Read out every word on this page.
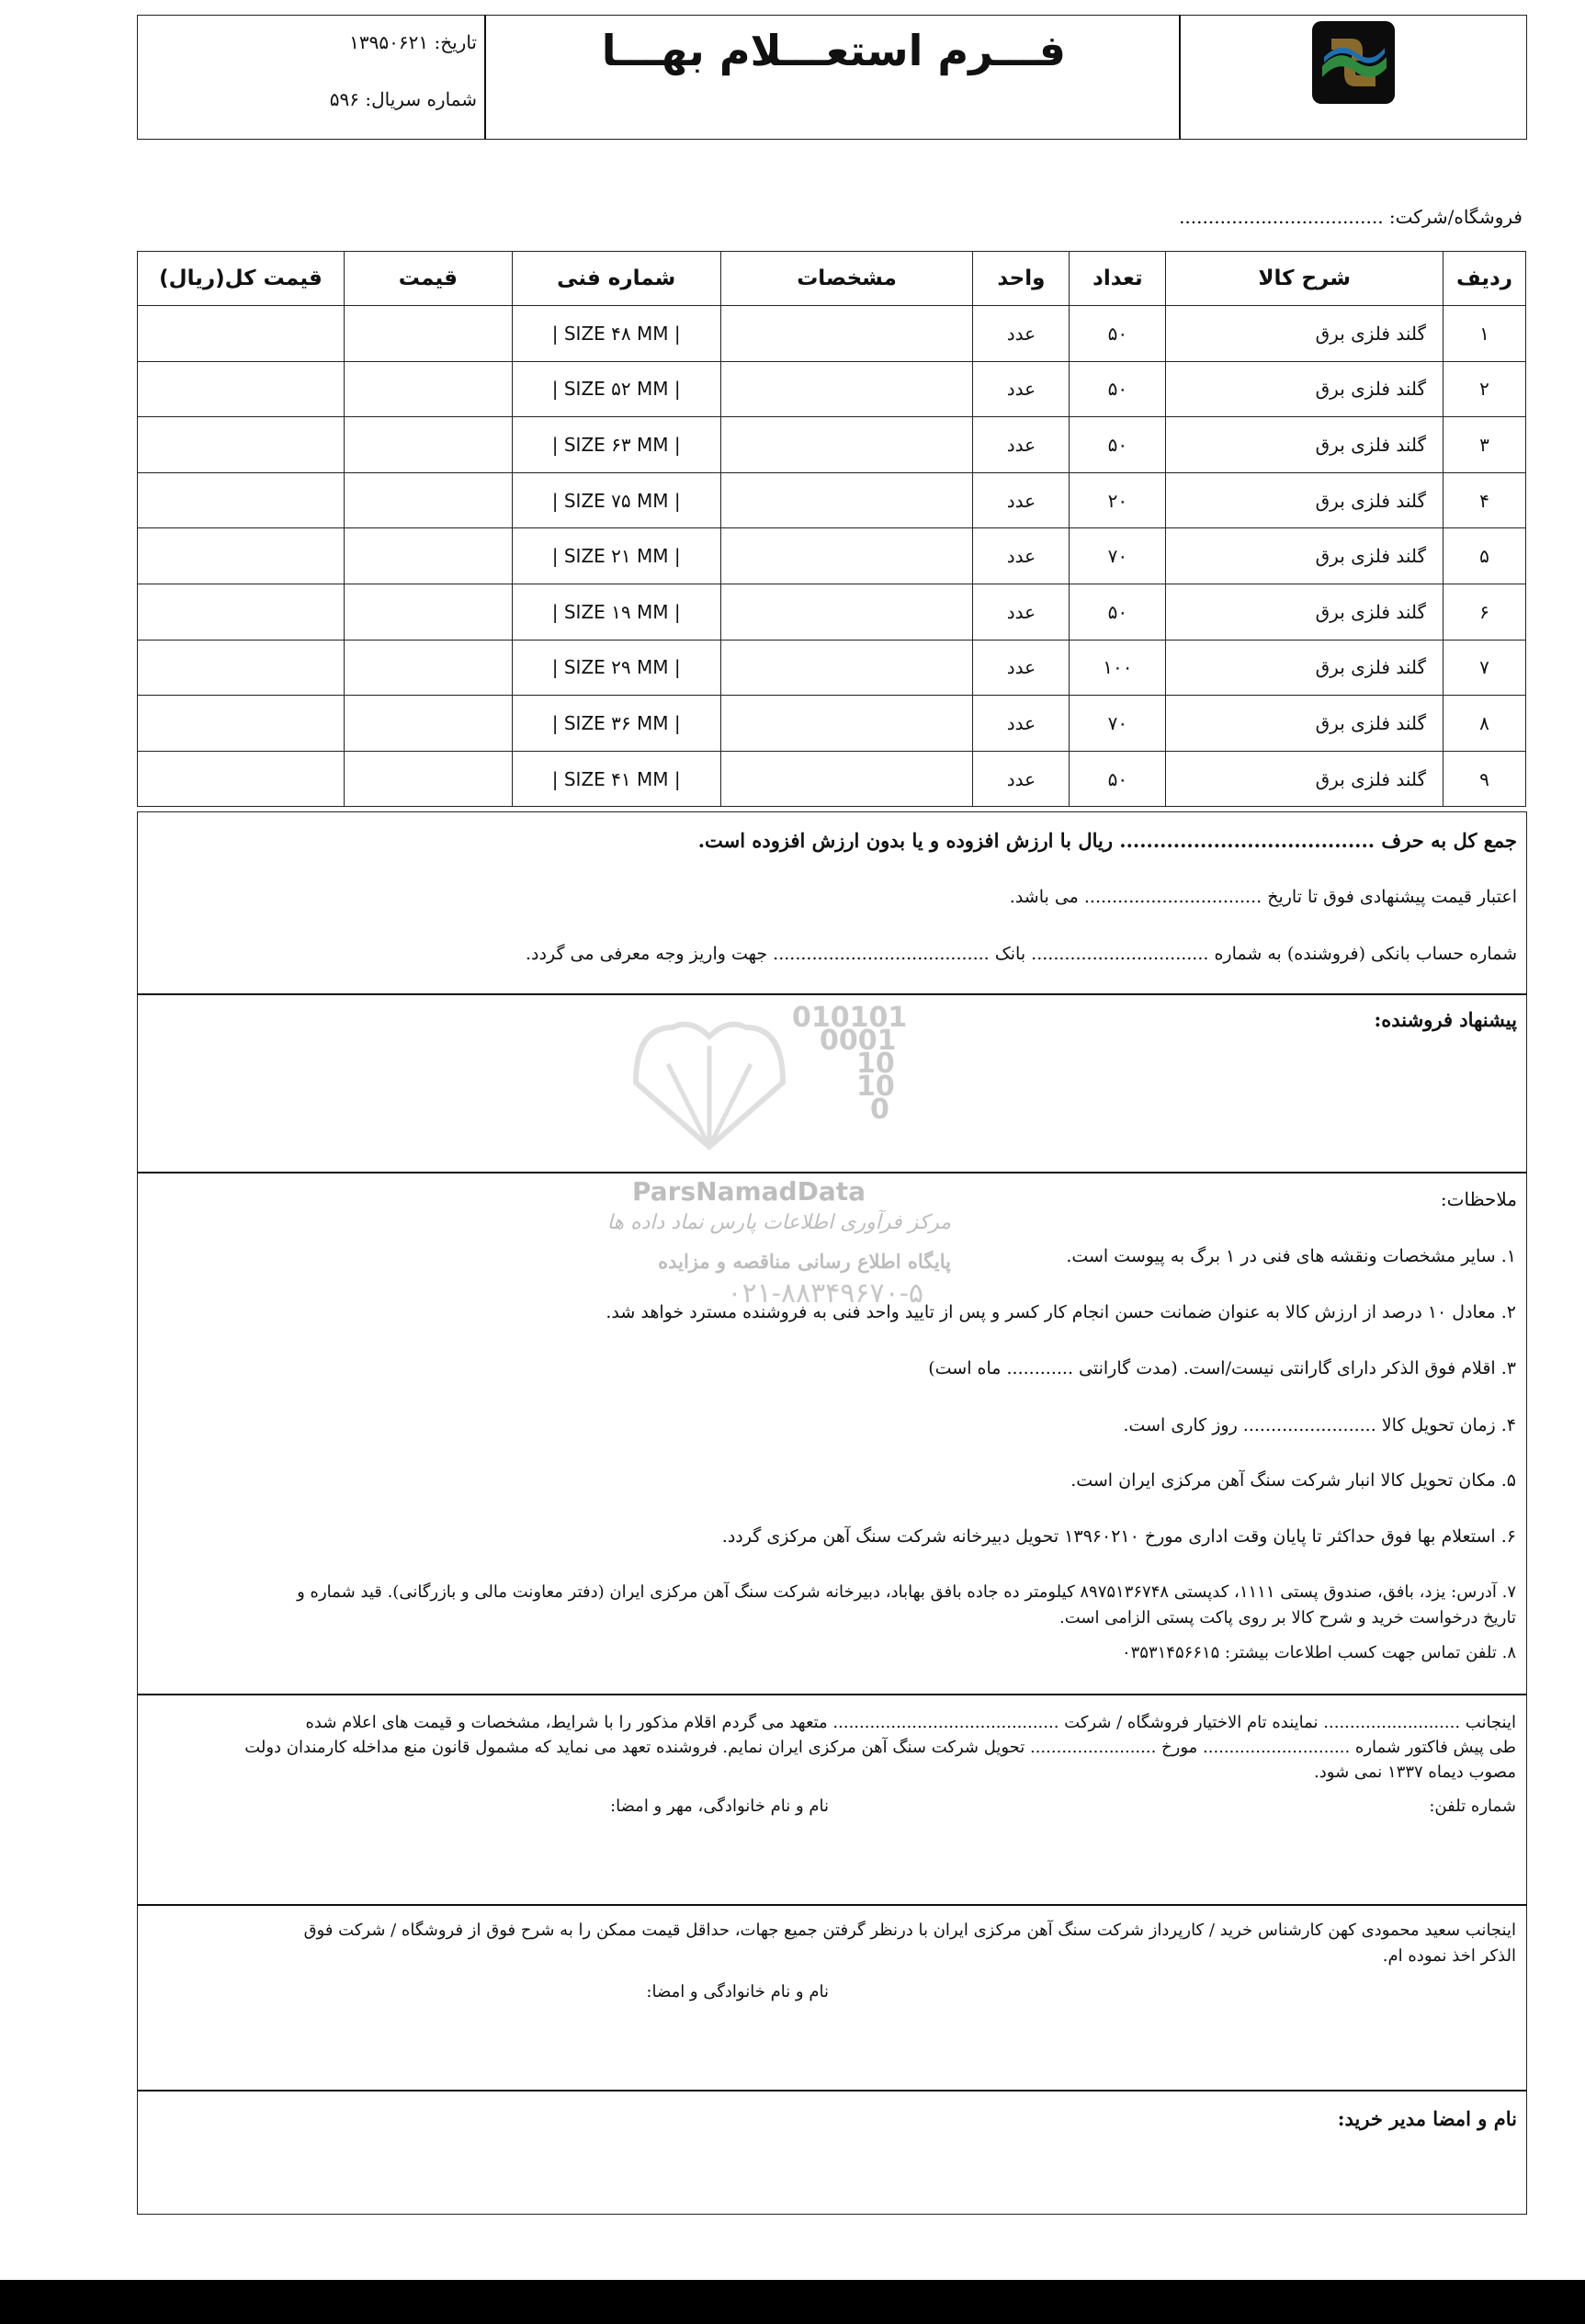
تاریخ: ۱۳۹۵۰۶۲۱
شماره سریال: ۵۹۶
فـــرم استعـــلام بهـــا
فروشگاه/شرکت: ...................................
ردیف	شرح کالا	تعداد	واحد	مشخصات	شماره فنی	قیمت	قیمت کل(ریال)
۱	گلند فلزی برق	۵۰	عدد		| SIZE ۴۸ MM |		
۲	گلند فلزی برق	۵۰	عدد		| SIZE ۵۲ MM |		
۳	گلند فلزی برق	۵۰	عدد		| SIZE ۶۳ MM |		
۴	گلند فلزی برق	۲۰	عدد		| SIZE ۷۵ MM |		
۵	گلند فلزی برق	۷۰	عدد		| SIZE ۲۱ MM |		
۶	گلند فلزی برق	۵۰	عدد		| SIZE ۱۹ MM |		
۷	گلند فلزی برق	۱۰۰	عدد		| SIZE ۲۹ MM |		
۸	گلند فلزی برق	۷۰	عدد		| SIZE ۳۶ MM |		
۹	گلند فلزی برق	۵۰	عدد		| SIZE ۴۱ MM |		
جمع کل به حرف ...................................... ریال با ارزش افزوده و یا بدون ارزش افزوده است.
اعتبار قیمت پیشنهادی فوق تا تاریخ ................................ می باشد.
شماره حساب بانکی (فروشنده) به شماره ................................ بانک ....................................... جهت واریز وجه معرفی می گردد.
پیشنهاد فروشنده:
010101
0001
10
10
0
ParsNamadData
مرکز فرآوری اطلاعات پارس نماد داده ها
پایگاه اطلاع رسانی مناقصه و مزایده
۰۲۱-۸۸۳۴۹۶۷۰-۵
ملاحظات:
۱. سایر مشخصات ونقشه های فنی در ۱ برگ به پیوست است.
۲. معادل ۱۰ درصد از ارزش کالا به عنوان ضمانت حسن انجام کار کسر و پس از تایید واحد فنی به فروشنده مسترد خواهد شد.
۳. اقلام فوق الذکر دارای گارانتی نیست/است. (مدت گارانتی ............ ماه است)
۴. زمان تحویل کالا ........................ روز کاری است.
۵. مکان تحویل کالا انبار شرکت سنگ آهن مرکزی ایران است.
۶. استعلام بها فوق حداکثر تا پایان وقت اداری مورخ ۱۳۹۶۰۲۱۰ تحویل دبیرخانه شرکت سنگ آهن مرکزی گردد.
۷. آدرس: یزد، بافق، صندوق پستی ۱۱۱۱، کدپستی ۸۹۷۵۱۳۶۷۴۸ کیلومتر ده جاده بافق بهاباد، دبیرخانه شرکت سنگ آهن مرکزی ایران (دفتر معاونت مالی و بازرگانی). قید شماره و
تاریخ درخواست خرید و شرح کالا بر روی پاکت پستی الزامی است.
۸. تلفن تماس جهت کسب اطلاعات بیشتر: ۰۳۵۳۱۴۵۶۶۱۵
اینجانب .......................... نماینده تام الاختیار فروشگاه / شرکت ........................................... متعهد می گردم اقلام مذکور را با شرایط، مشخصات و قیمت های اعلام شده
طی پیش فاکتور شماره ............................ مورخ ........................ تحویل شرکت سنگ آهن مرکزی ایران نمایم. فروشنده تعهد می نماید که مشمول قانون منع مداخله کارمندان دولت
مصوب دیماه ۱۳۳۷ نمی شود.
شماره تلفن:
نام و نام خانوادگی، مهر و امضا:
اینجانب سعید محمودی کهن کارشناس خرید / کارپرداز شرکت سنگ آهن مرکزی ایران با درنظر گرفتن جمیع جهات، حداقل قیمت ممکن را به شرح فوق از فروشگاه / شرکت فوق
الذکر اخذ نموده ام.
نام و نام خانوادگی و امضا:
نام و امضا مدیر خرید:
